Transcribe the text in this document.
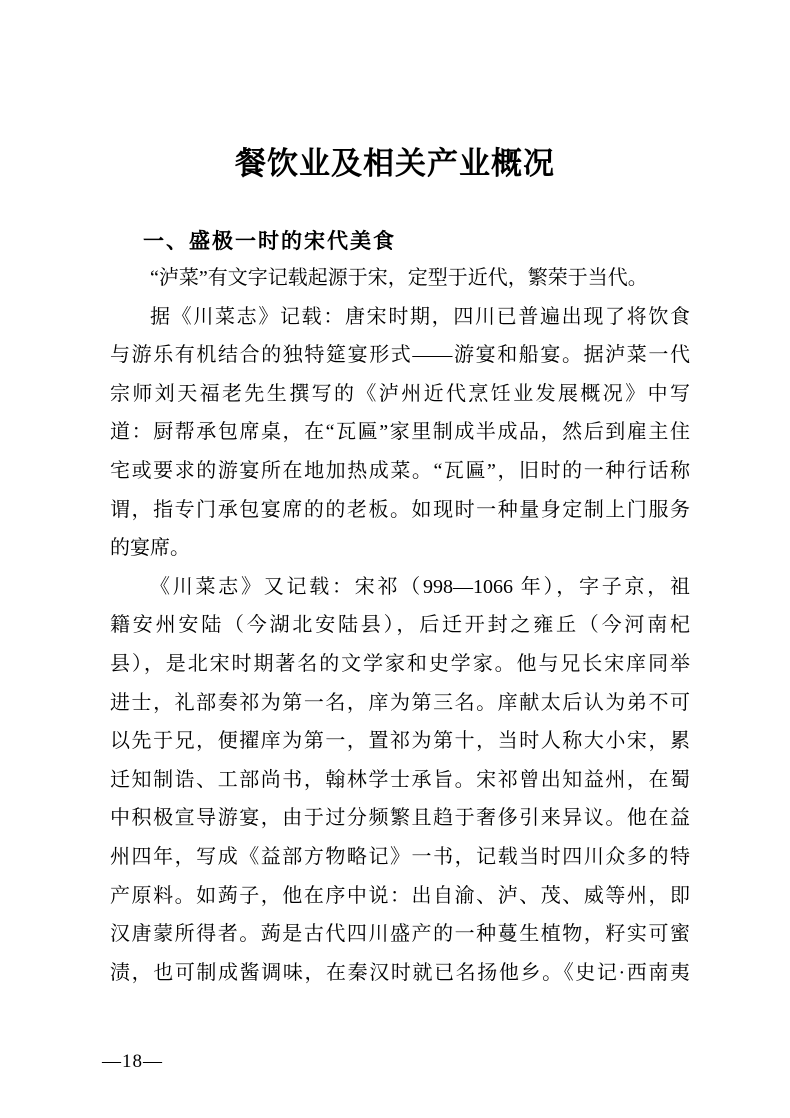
餐饮业及相关产业概况
一、盛极一时的宋代美食
“泸菜”有文字记载起源于宋，定型于近代，繁荣于当代。
据《川菜志》记载：唐宋时期，四川已普遍出现了将饮食
与游乐有机结合的独特筵宴形式——游宴和船宴。据泸菜一代
宗师刘天福老先生撰写的《泸州近代烹饪业发展概况》中写
道：厨帮承包席桌，在“瓦匾”家里制成半成品，然后到雇主住
宅或要求的游宴所在地加热成菜。“瓦匾”，旧时的一种行话称
谓，指专门承包宴席的的老板。如现时一种量身定制上门服务
的宴席。
《川菜志》又记载：宋祁（998—1066 年），字子京，祖
籍安州安陆（今湖北安陆县），后迁开封之雍丘（今河南杞
县），是北宋时期著名的文学家和史学家。他与兄长宋庠同举
进士，礼部奏祁为第一名，庠为第三名。庠献太后认为弟不可
以先于兄，便擢庠为第一，置祁为第十，当时人称大小宋，累
迁知制诰、工部尚书，翰林学士承旨。宋祁曾出知益州，在蜀
中积极宣导游宴，由于过分频繁且趋于奢侈引来异议。他在益
州四年，写成《益部方物略记》一书，记载当时四川众多的特
产原料。如蒟子，他在序中说：出自渝、泸、茂、威等州，即
汉唐蒙所得者。蒟是古代四川盛产的一种蔓生植物，籽实可蜜
渍，也可制成酱调味，在秦汉时就已名扬他乡。《史记·西南夷
—18—
